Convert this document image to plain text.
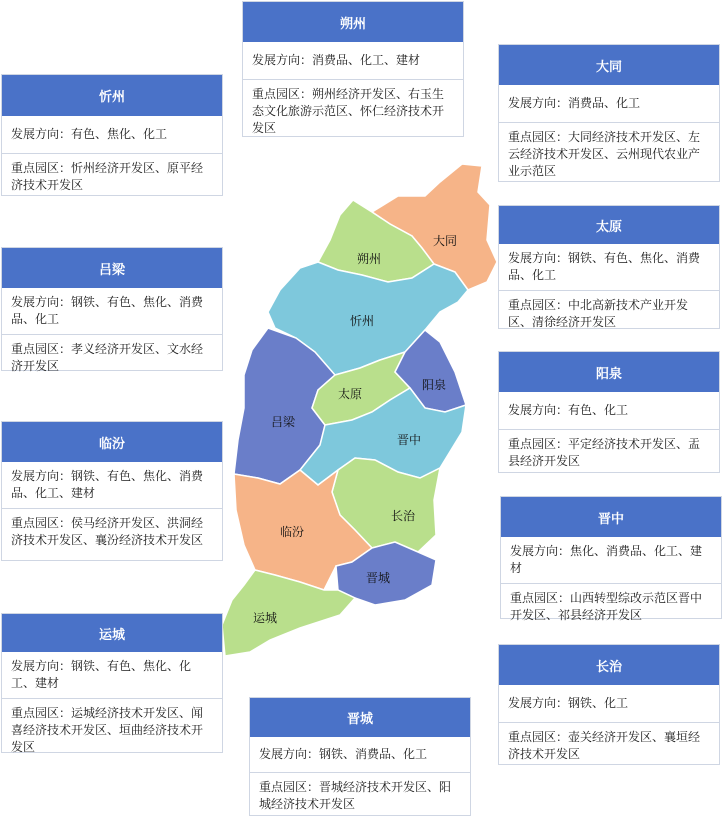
朔州
大同
忻州
太原
阳泉
吕梁
晋中
长治
临汾
晋城
运城
朔州
发展方向：消费品、化工、建材
重点园区：朔州经济开发区、右玉生态文化旅游示范区、怀仁经济技术开发区
大同
发展方向：消费品、化工
重点园区：大同经济技术开发区、左云经济技术开发区、云州现代农业产业示范区
忻州
发展方向：有色、焦化、化工
重点园区：忻州经济开发区、原平经济技术开发区
太原
发展方向：钢铁、有色、焦化、消费品、化工
重点园区：中北高新技术产业开发区、清徐经济开发区
吕梁
发展方向：钢铁、有色、焦化、消费品、化工
重点园区：孝义经济开发区、文水经济开发区
阳泉
发展方向：有色、化工
重点园区：平定经济技术开发区、盂县经济开发区
临汾
发展方向：钢铁、有色、焦化、消费品、化工、建材
重点园区：侯马经济开发区、洪洞经济技术开发区、襄汾经济技术开发区
晋中
发展方向：焦化、消费品、化工、建材
重点园区：山西转型综改示范区晋中开发区、祁县经济开发区
运城
发展方向：钢铁、有色、焦化、化工、建材
重点园区：运城经济技术开发区、闻喜经济技术开发区、垣曲经济技术开发区
长治
发展方向：钢铁、化工
重点园区：壶关经济开发区、襄垣经济技术开发区
晋城
发展方向：钢铁、消费品、化工
重点园区：晋城经济技术开发区、阳城经济技术开发区
